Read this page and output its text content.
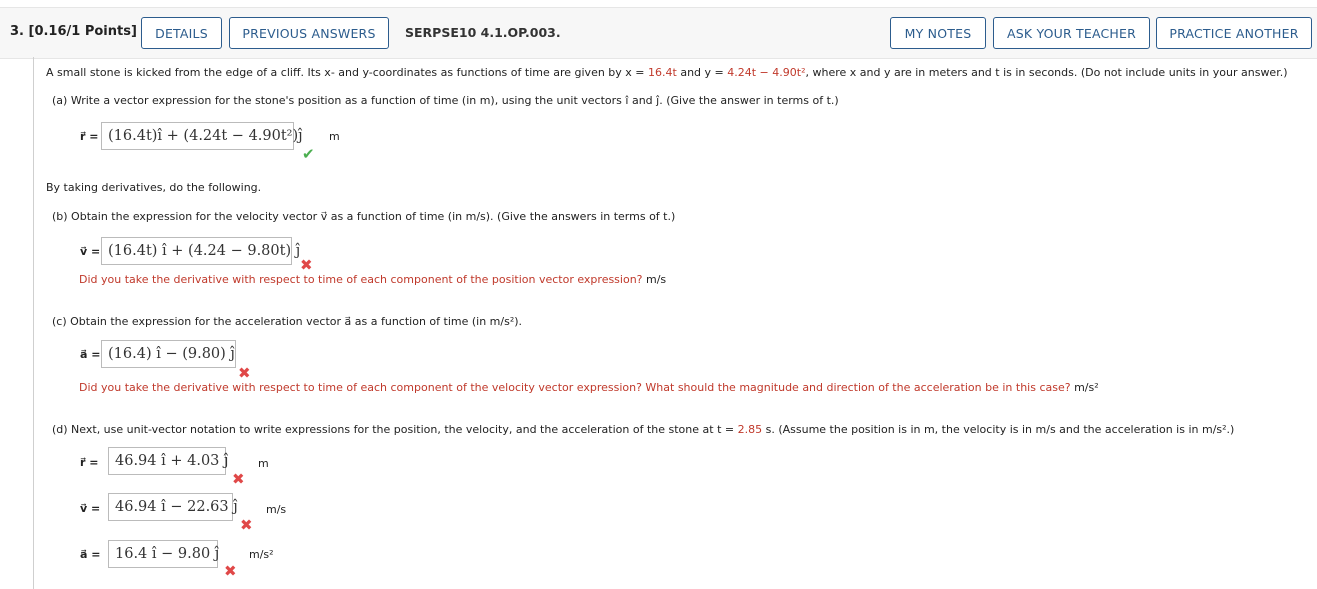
3. [0.16/1 Points]	DETAILS	PREVIOUS ANSWERS	SERPSE10 4.1.OP.003.	MY NOTES	ASK YOUR TEACHER	PRACTICE ANOTHER
A small stone is kicked from the edge of a cliff. Its x- and y-coordinates as functions of time are given by x = 16.4t and y = 4.24t − 4.90t², where x and y are in meters and t is in seconds. (Do not include units in your answer.)
(a) Write a vector expression for the stone's position as a function of time (in m), using the unit vectors î and ĵ. (Give the answer in terms of t.)
r⃗ = (16.4t)î + (4.24t − 4.90t²)ĵ m
✔
By taking derivatives, do the following.
(b) Obtain the expression for the velocity vector v⃗ as a function of time (in m/s). (Give the answers in terms of t.)
v⃗ = (16.4t) î + (4.24 − 9.80t) ĵ
✖
Did you take the derivative with respect to time of each component of the position vector expression? m/s
(c) Obtain the expression for the acceleration vector a⃗ as a function of time (in m/s²).
a⃗ = (16.4) î − (9.80) ĵ
✖
Did you take the derivative with respect to time of each component of the velocity vector expression? What should the magnitude and direction of the acceleration be in this case? m/s²
(d) Next, use unit-vector notation to write expressions for the position, the velocity, and the acceleration of the stone at t = 2.85 s. (Assume the position is in m, the velocity is in m/s and the acceleration is in m/s².)
r⃗ =	46.94 î + 4.03 ĵ	m
✖
v⃗ =	46.94 î − 22.63 ĵ	m/s
✖
a⃗ =	16.4 î − 9.80 ĵ	m/s²
✖
